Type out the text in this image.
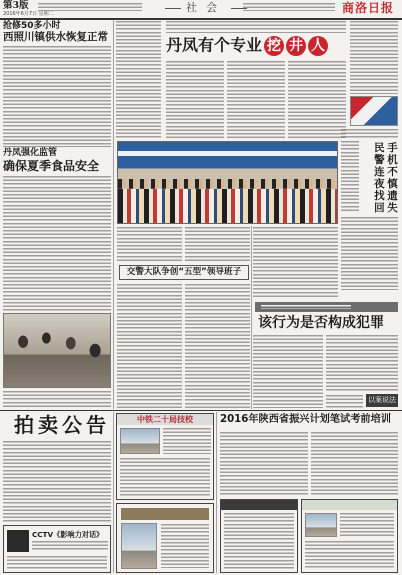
第3版
2016年6月7日 星期二	社会	商洛日报
抢修50多小时
西照川镇供水恢复正常
丹凤强化监管
确保夏季食品安全
丹凤有个专业 挖 井 人
手机不慎遗失
民警连夜找回
交警大队争创“五型”领导班子
该行为是否构成犯罪
以案说法
拍卖公告
CCTV《影响力对话》
中铁二十局技校	2016年陕西省振兴计划笔试考前培训
